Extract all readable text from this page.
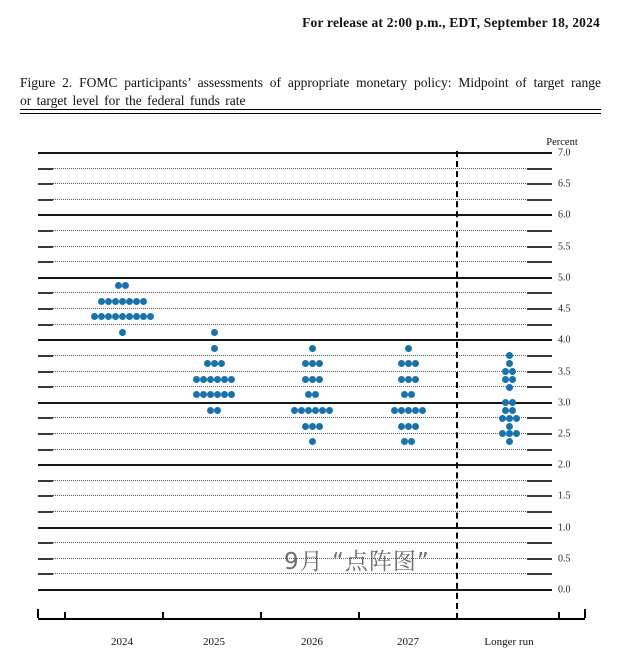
For release at 2:00 p.m., EDT, September 18, 2024
Figure 2. FOMC participants’ assessments of appropriate monetary policy: Midpoint of target range
or target level for the federal funds rate
Percent
9月 “点阵图”
0.0
0.5
1.0
1.5
2.0
2.5
3.0
3.5
4.0
4.5
5.0
5.5
6.0
6.5
7.0
2024	2025	2026	2027	Longer run
